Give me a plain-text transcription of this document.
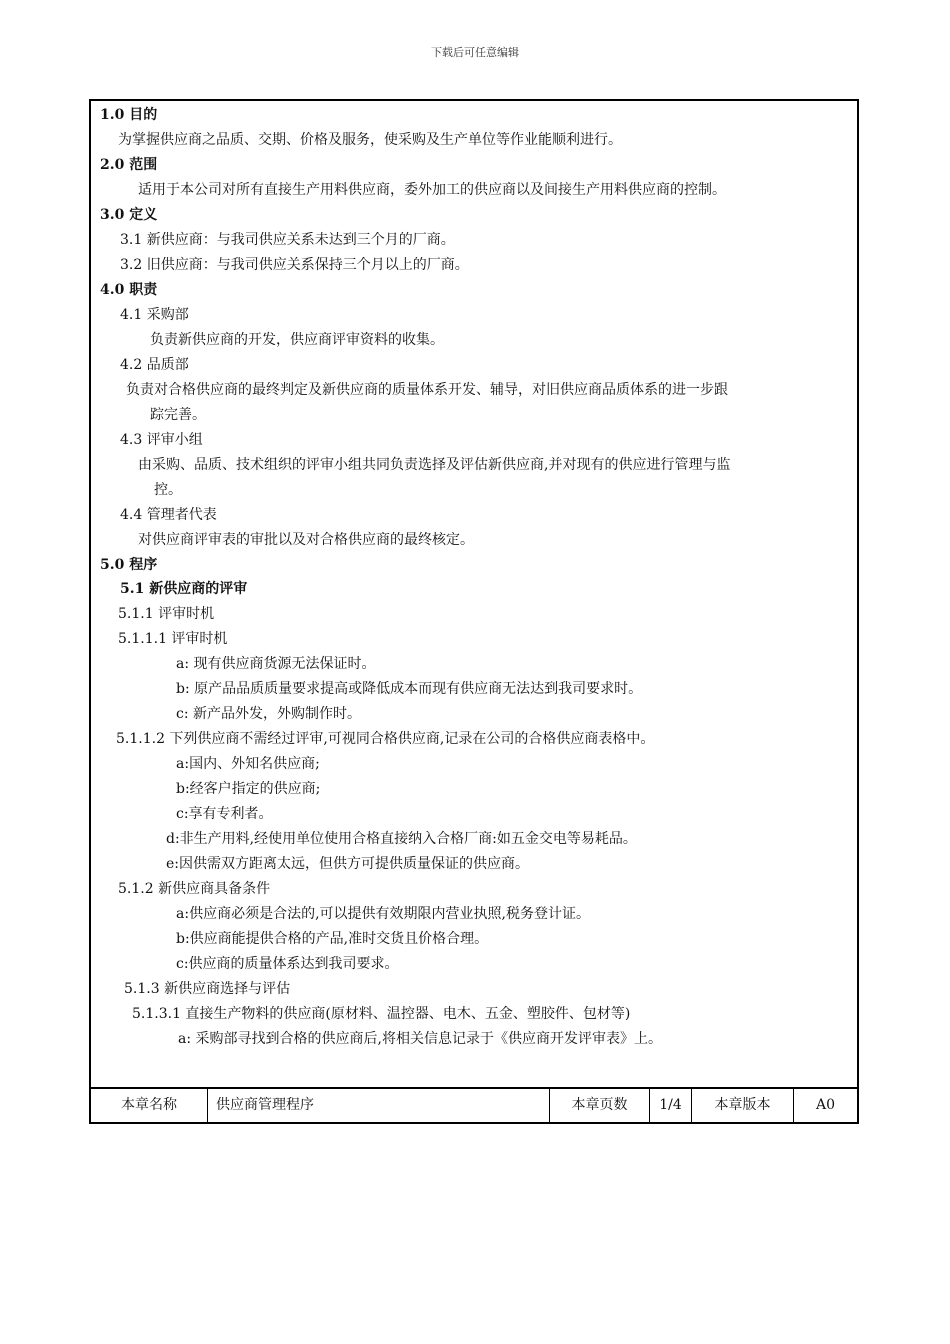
下载后可任意编辑
1.0 目的
为掌握供应商之品质、交期、价格及服务，使采购及生产单位等作业能顺利进行。
2.0 范围
适用于本公司对所有直接生产用料供应商，委外加工的供应商以及间接生产用料供应商的控制。
3.0 定义
3.1 新供应商：与我司供应关系未达到三个月的厂商。
3.2 旧供应商：与我司供应关系保持三个月以上的厂商。
4.0 职责
4.1 采购部
负责新供应商的开发，供应商评审资料的收集。
4.2 品质部
负责对合格供应商的最终判定及新供应商的质量体系开发、辅导，对旧供应商品质体系的进一步跟
踪完善。
4.3 评审小组
由采购、品质、技术组织的评审小组共同负责选择及评估新供应商,并对现有的供应进行管理与监
控。
4.4 管理者代表
对供应商评审表的审批以及对合格供应商的最终核定。
5.0 程序
5.1 新供应商的评审
5.1.1 评审时机
5.1.1.1 评审时机
a: 现有供应商货源无法保证时。
b: 原产品品质质量要求提高或降低成本而现有供应商无法达到我司要求时。
c: 新产品外发，外购制作时。
5.1.1.2 下列供应商不需经过评审,可视同合格供应商,记录在公司的合格供应商表格中。
a:国内、外知名供应商;
b:经客户指定的供应商;
c:享有专利者。
d:非生产用料,经使用单位使用合格直接纳入合格厂商:如五金交电等易耗品。
e:因供需双方距离太远，但供方可提供质量保证的供应商。
5.1.2 新供应商具备条件
a:供应商必须是合法的,可以提供有效期限内营业执照,税务登计证。
b:供应商能提供合格的产品,准时交货且价格合理。
c:供应商的质量体系达到我司要求。
5.1.3 新供应商选择与评估
5.1.3.1 直接生产物料的供应商(原材料、温控器、电木、五金、塑胶件、包材等)
a: 采购部寻找到合格的供应商后,将相关信息记录于《供应商开发评审表》上。
本章名称	供应商管理程序	本章页数	1/4	本章版本	A0
